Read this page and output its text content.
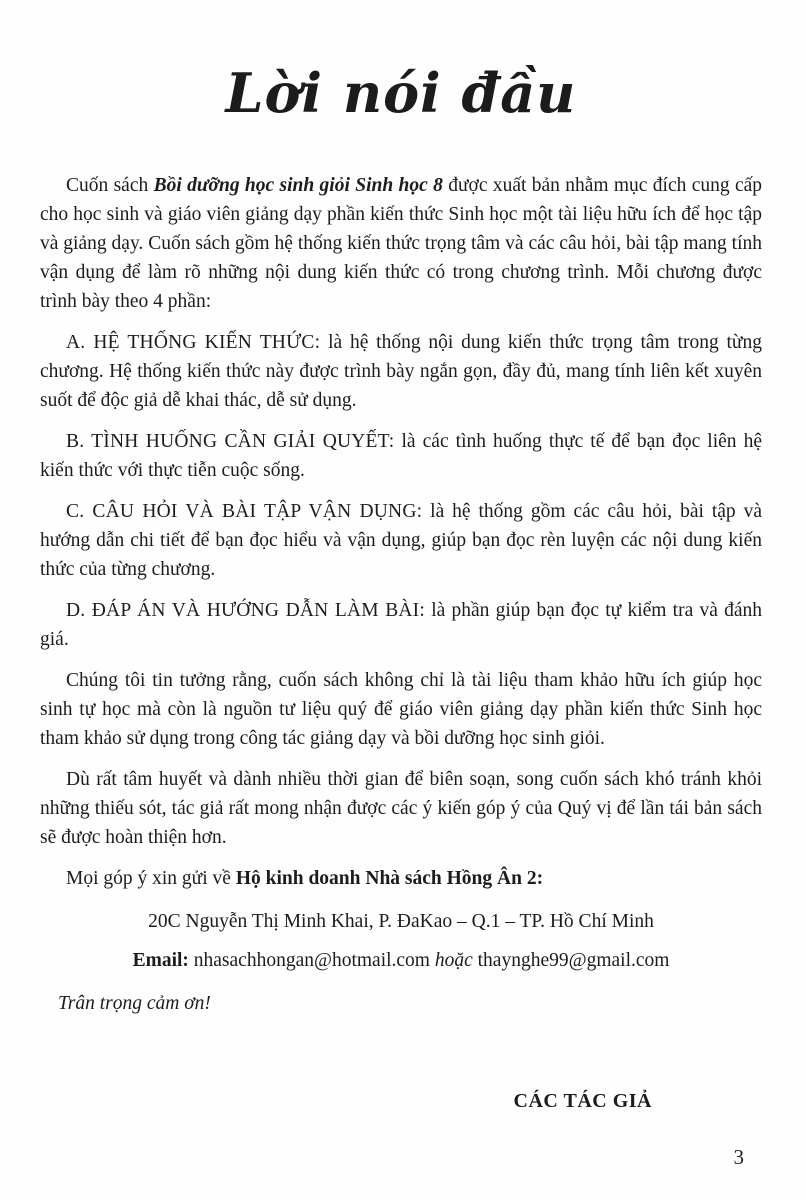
Lời nói đầu

Cuốn sách Bồi dưỡng học sinh giỏi Sinh học 8 được xuất bản nhằm mục đích cung cấp cho học sinh và giáo viên giảng dạy phần kiến thức Sinh học một tài liệu hữu ích để học tập và giảng dạy. Cuốn sách gồm hệ thống kiến thức trọng tâm và các câu hỏi, bài tập mang tính vận dụng để làm rõ những nội dung kiến thức có trong chương trình. Mỗi chương được trình bày theo 4 phần:

A. HỆ THỐNG KIẾN THỨC: là hệ thống nội dung kiến thức trọng tâm trong từng chương. Hệ thống kiến thức này được trình bày ngắn gọn, đầy đủ, mang tính liên kết xuyên suốt để độc giả dễ khai thác, dễ sử dụng.

B. TÌNH HUỐNG CẦN GIẢI QUYẾT: là các tình huống thực tế để bạn đọc liên hệ kiến thức với thực tiễn cuộc sống.

C. CÂU HỎI VÀ BÀI TẬP VẬN DỤNG: là hệ thống gồm các câu hỏi, bài tập và hướng dẫn chi tiết để bạn đọc hiểu và vận dụng, giúp bạn đọc rèn luyện các nội dung kiến thức của từng chương.

D. ĐÁP ÁN VÀ HƯỚNG DẪN LÀM BÀI: là phần giúp bạn đọc tự kiểm tra và đánh giá.

Chúng tôi tin tưởng rằng, cuốn sách không chỉ là tài liệu tham khảo hữu ích giúp học sinh tự học mà còn là nguồn tư liệu quý để giáo viên giảng dạy phần kiến thức Sinh học tham khảo sử dụng trong công tác giảng dạy và bồi dưỡng học sinh giỏi.

Dù rất tâm huyết và dành nhiều thời gian để biên soạn, song cuốn sách khó tránh khỏi những thiếu sót, tác giả rất mong nhận được các ý kiến góp ý của Quý vị để lần tái bản sách sẽ được hoàn thiện hơn.

Mọi góp ý xin gửi về Hộ kinh doanh Nhà sách Hồng Ân 2:

20C Nguyễn Thị Minh Khai, P. ĐaKao – Q.1 – TP. Hồ Chí Minh
Email: nhasachhongan@hotmail.com hoặc thaynghe99@gmail.com
Trân trọng cảm ơn!
CÁC TÁC GIẢ
3
